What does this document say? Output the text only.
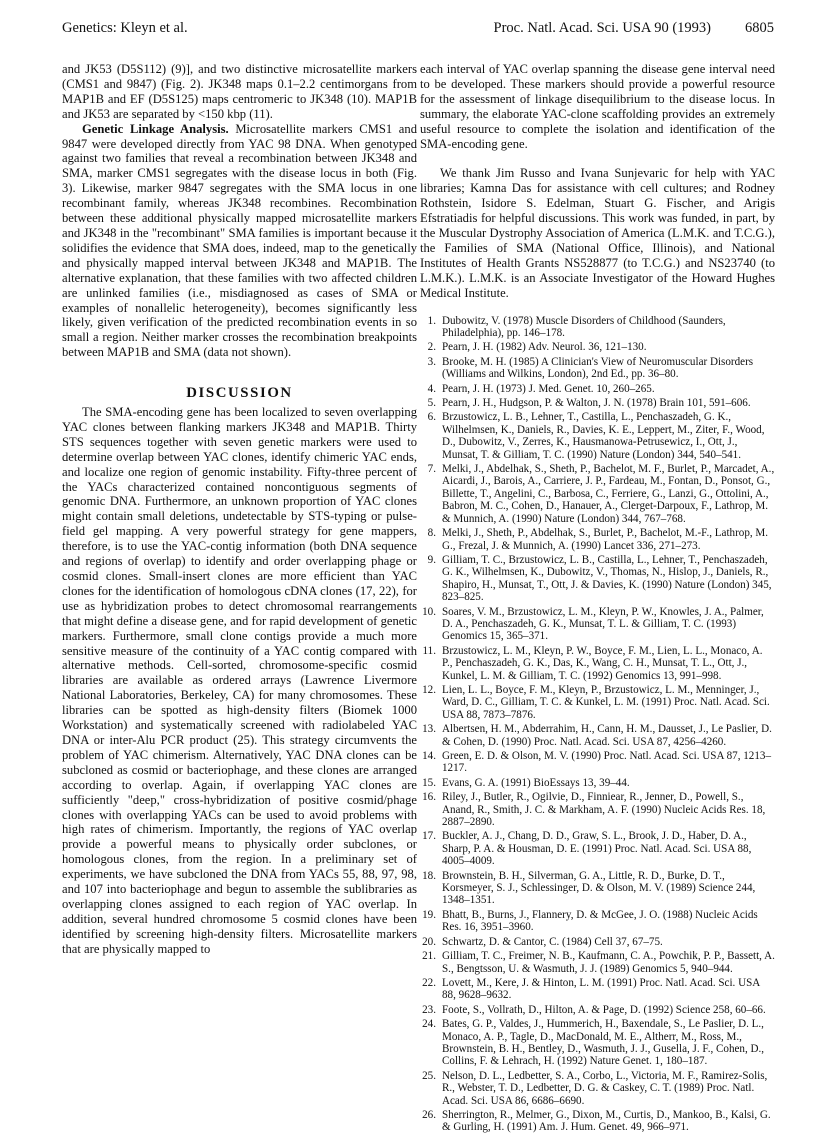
Genetics: Kleyn et al.	Proc. Natl. Acad. Sci. USA 90 (1993) 6805

and JK53 (D5S112) (9)], and two distinctive microsatellite markers (CMS1 and 9847) (Fig. 2). JK348 maps 0.1–2.2 centimorgans from MAP1B and EF (D5S125) maps centromeric to JK348 (10). MAP1B and JK53 are separated by <150 kbp (11).

Genetic Linkage Analysis. Microsatellite markers CMS1 and 9847 were developed directly from YAC 98 DNA. When genotyped against two families that reveal a recombination between JK348 and SMA, marker CMS1 segregates with the disease locus in both (Fig. 3). Likewise, marker 9847 segregates with the SMA locus in one recombinant family, whereas JK348 recombines. Recombination between these additional physically mapped microsatellite markers and JK348 in the "recombinant" SMA families is important because it solidifies the evidence that SMA does, indeed, map to the genetically and physically mapped interval between JK348 and MAP1B. The alternative explanation, that these families with two affected children are unlinked families (i.e., misdiagnosed as cases of SMA or examples of nonallelic heterogeneity), becomes significantly less likely, given verification of the predicted recombination events in so small a region. Neither marker crosses the recombination breakpoints between MAP1B and SMA (data not shown).

DISCUSSION

The SMA-encoding gene has been localized to seven overlapping YAC clones between flanking markers JK348 and MAP1B. Thirty STS sequences together with seven genetic markers were used to determine overlap between YAC clones, identify chimeric YAC ends, and localize one region of genomic instability. Fifty-three percent of the YACs characterized contained noncontiguous segments of genomic DNA. Furthermore, an unknown proportion of YAC clones might contain small deletions, undetectable by STS-typing or pulse-field gel mapping. A very powerful strategy for gene mappers, therefore, is to use the YAC-contig information (both DNA sequence and regions of overlap) to identify and order overlapping phage or cosmid clones. Small-insert clones are more efficient than YAC clones for the identification of homologous cDNA clones (17, 22), for use as hybridization probes to detect chromosomal rearrangements that might define a disease gene, and for rapid development of genetic markers. Furthermore, small clone contigs provide a much more sensitive measure of the continuity of a YAC contig compared with alternative methods. Cell-sorted, chromosome-specific cosmid libraries are available as ordered arrays (Lawrence Livermore National Laboratories, Berkeley, CA) for many chromosomes. These libraries can be spotted as high-density filters (Biomek 1000 Workstation) and systematically screened with radiolabeled YAC DNA or inter-Alu PCR product (25). This strategy circumvents the problem of YAC chimerism. Alternatively, YAC DNA clones can be subcloned as cosmid or bacteriophage, and these clones are arranged according to overlap. Again, if overlapping YAC clones are sufficiently "deep," cross-hybridization of positive cosmid/phage clones with overlapping YACs can be used to avoid problems with high rates of chimerism. Importantly, the regions of YAC overlap provide a powerful means to physically order subclones, or homologous clones, from the region. In a preliminary set of experiments, we have subcloned the DNA from YACs 55, 88, 97, 98, and 107 into bacteriophage and begun to assemble the sublibraries as overlapping clones assigned to each region of YAC overlap. In addition, several hundred chromosome 5 cosmid clones have been identified by screening high-density filters. Microsatellite markers that are physically mapped to

each interval of YAC overlap spanning the disease gene interval need to be developed. These markers should provide a powerful resource for the assessment of linkage disequilibrium to the disease locus. In summary, the elaborate YAC-clone scaffolding provides an extremely useful resource to complete the isolation and identification of the SMA-encoding gene.

We thank Jim Russo and Ivana Sunjevaric for help with YAC libraries; Kamna Das for assistance with cell cultures; and Rodney Rothstein, Isidore S. Edelman, Stuart G. Fischer, and Arigis Efstratiadis for helpful discussions. This work was funded, in part, by the Muscular Dystrophy Association of America (L.M.K. and T.C.G.), the Families of SMA (National Office, Illinois), and National Institutes of Health Grants NS528877 (to T.C.G.) and NS23740 (to L.M.K.). L.M.K. is an Associate Investigator of the Howard Hughes Medical Institute.

1. Dubowitz, V. (1978) Muscle Disorders of Childhood (Saunders, Philadelphia), pp. 146–178.
2. Pearn, J. H. (1982) Adv. Neurol. 36, 121–130.
3. Brooke, M. H. (1985) A Clinician's View of Neuromuscular Disorders (Williams and Wilkins, London), 2nd Ed., pp. 36–80.
4. Pearn, J. H. (1973) J. Med. Genet. 10, 260–265.
5. Pearn, J. H., Hudgson, P. & Walton, J. N. (1978) Brain 101, 591–606.
6. Brzustowicz, L. B., Lehner, T., Castilla, L., Penchaszadeh, G. K., Wilhelmsen, K., Daniels, R., Davies, K. E., Leppert, M., Ziter, F., Wood, D., Dubowitz, V., Zerres, K., Hausmanowa-Petrusewicz, I., Ott, J., Munsat, T. & Gilliam, T. C. (1990) Nature (London) 344, 540–541.
7. Melki, J., Abdelhak, S., Sheth, P., Bachelot, M. F., Burlet, P., Marcadet, A., Aicardi, J., Barois, A., Carriere, J. P., Fardeau, M., Fontan, D., Ponsot, G., Billette, T., Angelini, C., Barbosa, C., Ferriere, G., Lanzi, G., Ottolini, A., Babron, M. C., Cohen, D., Hanauer, A., Clerget-Darpoux, F., Lathrop, M. & Munnich, A. (1990) Nature (London) 344, 767–768.
8. Melki, J., Sheth, P., Abdelhak, S., Burlet, P., Bachelot, M.-F., Lathrop, M. G., Frezal, J. & Munnich, A. (1990) Lancet 336, 271–273.
9. Gilliam, T. C., Brzustowicz, L. B., Castilla, L., Lehner, T., Penchaszadeh, G. K., Wilhelmsen, K., Dubowitz, V., Thomas, N., Hislop, J., Daniels, R., Shapiro, H., Munsat, T., Ott, J. & Davies, K. (1990) Nature (London) 345, 823–825.
10. Soares, V. M., Brzustowicz, L. M., Kleyn, P. W., Knowles, J. A., Palmer, D. A., Penchaszadeh, G. K., Munsat, T. L. & Gilliam, T. C. (1993) Genomics 15, 365–371.
11. Brzustowicz, L. M., Kleyn, P. W., Boyce, F. M., Lien, L. L., Monaco, A. P., Penchaszadeh, G. K., Das, K., Wang, C. H., Munsat, T. L., Ott, J., Kunkel, L. M. & Gilliam, T. C. (1992) Genomics 13, 991–998.
12. Lien, L. L., Boyce, F. M., Kleyn, P., Brzustowicz, L. M., Menninger, J., Ward, D. C., Gilliam, T. C. & Kunkel, L. M. (1991) Proc. Natl. Acad. Sci. USA 88, 7873–7876.
13. Albertsen, H. M., Abderrahim, H., Cann, H. M., Dausset, J., Le Paslier, D. & Cohen, D. (1990) Proc. Natl. Acad. Sci. USA 87, 4256–4260.
14. Green, E. D. & Olson, M. V. (1990) Proc. Natl. Acad. Sci. USA 87, 1213–1217.
15. Evans, G. A. (1991) BioEssays 13, 39–44.
16. Riley, J., Butler, R., Ogilvie, D., Finniear, R., Jenner, D., Powell, S., Anand, R., Smith, J. C. & Markham, A. F. (1990) Nucleic Acids Res. 18, 2887–2890.
17. Buckler, A. J., Chang, D. D., Graw, S. L., Brook, J. D., Haber, D. A., Sharp, P. A. & Housman, D. E. (1991) Proc. Natl. Acad. Sci. USA 88, 4005–4009.
18. Brownstein, B. H., Silverman, G. A., Little, R. D., Burke, D. T., Korsmeyer, S. J., Schlessinger, D. & Olson, M. V. (1989) Science 244, 1348–1351.
19. Bhatt, B., Burns, J., Flannery, D. & McGee, J. O. (1988) Nucleic Acids Res. 16, 3951–3960.
20. Schwartz, D. & Cantor, C. (1984) Cell 37, 67–75.
21. Gilliam, T. C., Freimer, N. B., Kaufmann, C. A., Powchik, P. P., Bassett, A. S., Bengtsson, U. & Wasmuth, J. J. (1989) Genomics 5, 940–944.
22. Lovett, M., Kere, J. & Hinton, L. M. (1991) Proc. Natl. Acad. Sci. USA 88, 9628–9632.
23. Foote, S., Vollrath, D., Hilton, A. & Page, D. (1992) Science 258, 60–66.
24. Bates, G. P., Valdes, J., Hummerich, H., Baxendale, S., Le Paslier, D. L., Monaco, A. P., Tagle, D., MacDonald, M. E., Altherr, M., Ross, M., Brownstein, B. H., Bentley, D., Wasmuth, J. J., Gusella, J. F., Cohen, D., Collins, F. & Lehrach, H. (1992) Nature Genet. 1, 180–187.
25. Nelson, D. L., Ledbetter, S. A., Corbo, L., Victoria, M. F., Ramirez-Solis, R., Webster, T. D., Ledbetter, D. G. & Caskey, C. T. (1989) Proc. Natl. Acad. Sci. USA 86, 6686–6690.
26. Sherrington, R., Melmer, G., Dixon, M., Curtis, D., Mankoo, B., Kalsi, G. & Gurling, H. (1991) Am. J. Hum. Genet. 49, 966–971.
